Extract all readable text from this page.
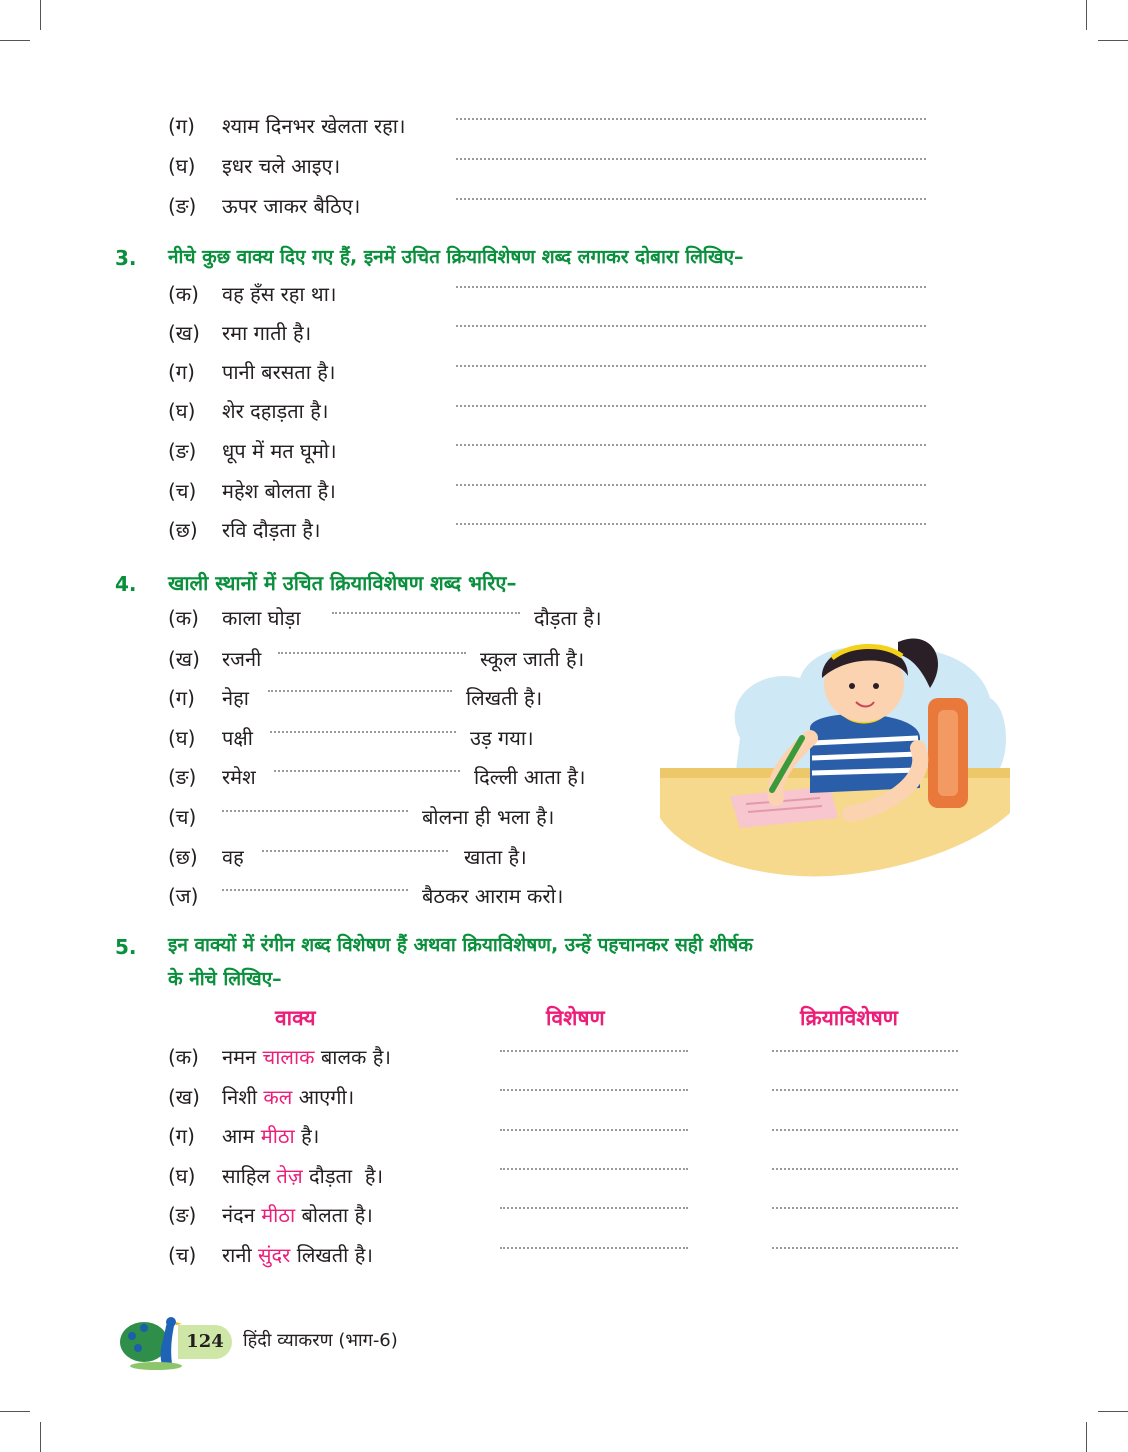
(ग) श्याम दिनभर खेलता रहा।
(घ) इधर चले आइए।
(ङ) ऊपर जाकर बैठिए।
3. नीचे कुछ वाक्य दिए गए हैं, इनमें उचित क्रियाविशेषण शब्द लगाकर दोबारा लिखिए–
(क) वह हँस रहा था।
(ख) रमा गाती है।
(ग) पानी बरसता है।
(घ) शेर दहाड़ता है।
(ङ) धूप में मत घूमो।
(च) महेश बोलता है।
(छ) रवि दौड़ता है।
4. खाली स्थानों में उचित क्रियाविशेषण शब्द भरिए–
(क) काला घोड़ा	दौड़ता है।
(ख) रजनी	स्कूल जाती है।
(ग) नेहा	लिखती है।
(घ) पक्षी	उड़ गया।
(ङ) रमेश	दिल्ली आता है।
(च)	बोलना ही भला है।
(छ) वह	खाता है।
(ज)	बैठकर आराम करो।
5. इन वाक्यों में रंगीन शब्द विशेषण हैं अथवा क्रियाविशेषण, उन्हें पहचानकर सही शीर्षक
के नीचे लिखिए–
वाक्य	विशेषण	क्रियाविशेषण
(क) नमन चालाक बालक है।
(ख) निशी कल आएगी।
(ग) आम मीठा है।
(घ) साहिल तेज़ दौड़ता  है।
(ङ) नंदन मीठा बोलता है।
(च) रानी सुंदर लिखती है।
124	हिंदी व्याकरण (भाग-6)
